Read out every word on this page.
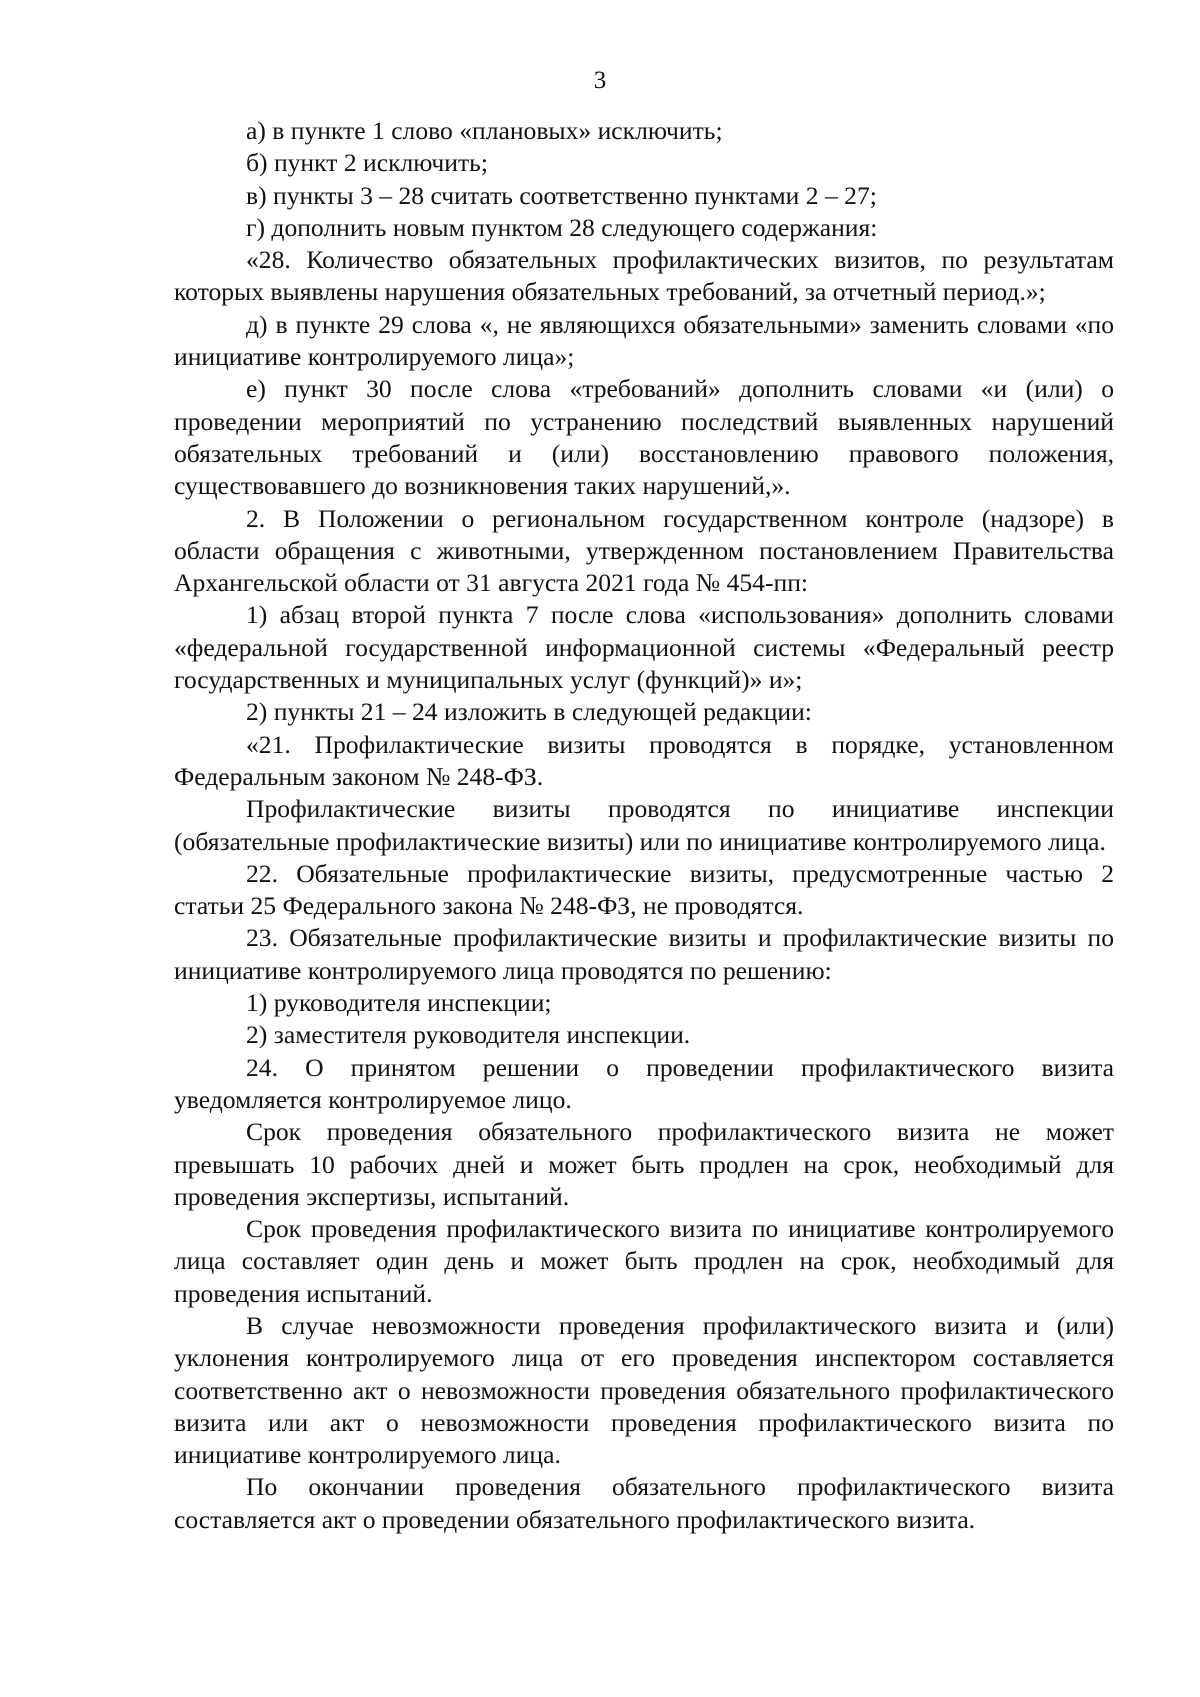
3

а) в пункте 1 слово «плановых» исключить;

б) пункт 2 исключить;

в) пункты 3 – 28 считать соответственно пунктами 2 – 27;

г) дополнить новым пунктом 28 следующего содержания:

«28. Количество обязательных профилактических визитов, по результатам которых выявлены нарушения обязательных требований, за отчетный период.»;

д) в пункте 29 слова «, не являющихся обязательными» заменить словами «по инициативе контролируемого лица»;

е) пункт 30 после слова «требований» дополнить словами «и (или) о проведении мероприятий по устранению последствий выявленных нарушений обязательных требований и (или) восстановлению правового положения, существовавшего до возникновения таких нарушений,».

2. В Положении о региональном государственном контроле (надзоре) в области обращения с животными, утвержденном постановлением Правительства Архангельской области от 31 августа 2021 года № 454-пп:

1) абзац второй пункта 7 после слова «использования» дополнить словами «федеральной государственной информационной системы «Федеральный реестр государственных и муниципальных услуг (функций)» и»;

2) пункты 21 – 24 изложить в следующей редакции:

«21. Профилактические визиты проводятся в порядке, установленном Федеральным законом № 248-ФЗ.

Профилактические визиты проводятся по инициативе инспекции (обязательные профилактические визиты) или по инициативе контролируемого лица.

22. Обязательные профилактические визиты, предусмотренные частью 2 статьи 25 Федерального закона № 248-ФЗ, не проводятся.

23. Обязательные профилактические визиты и профилактические визиты по инициативе контролируемого лица проводятся по решению:

1) руководителя инспекции;

2) заместителя руководителя инспекции.

24. О принятом решении о проведении профилактического визита уведомляется контролируемое лицо.

Срок проведения обязательного профилактического визита не может превышать 10 рабочих дней и может быть продлен на срок, необходимый для проведения экспертизы, испытаний.

Срок проведения профилактического визита по инициативе контролируемого лица составляет один день и может быть продлен на срок, необходимый для проведения испытаний.

В случае невозможности проведения профилактического визита и (или) уклонения контролируемого лица от его проведения инспектором составляется соответственно акт о невозможности проведения обязательного профилактического визита или акт о невозможности проведения профилактического визита по инициативе контролируемого лица.

По окончании проведения обязательного профилактического визита составляется акт о проведении обязательного профилактического визита.
